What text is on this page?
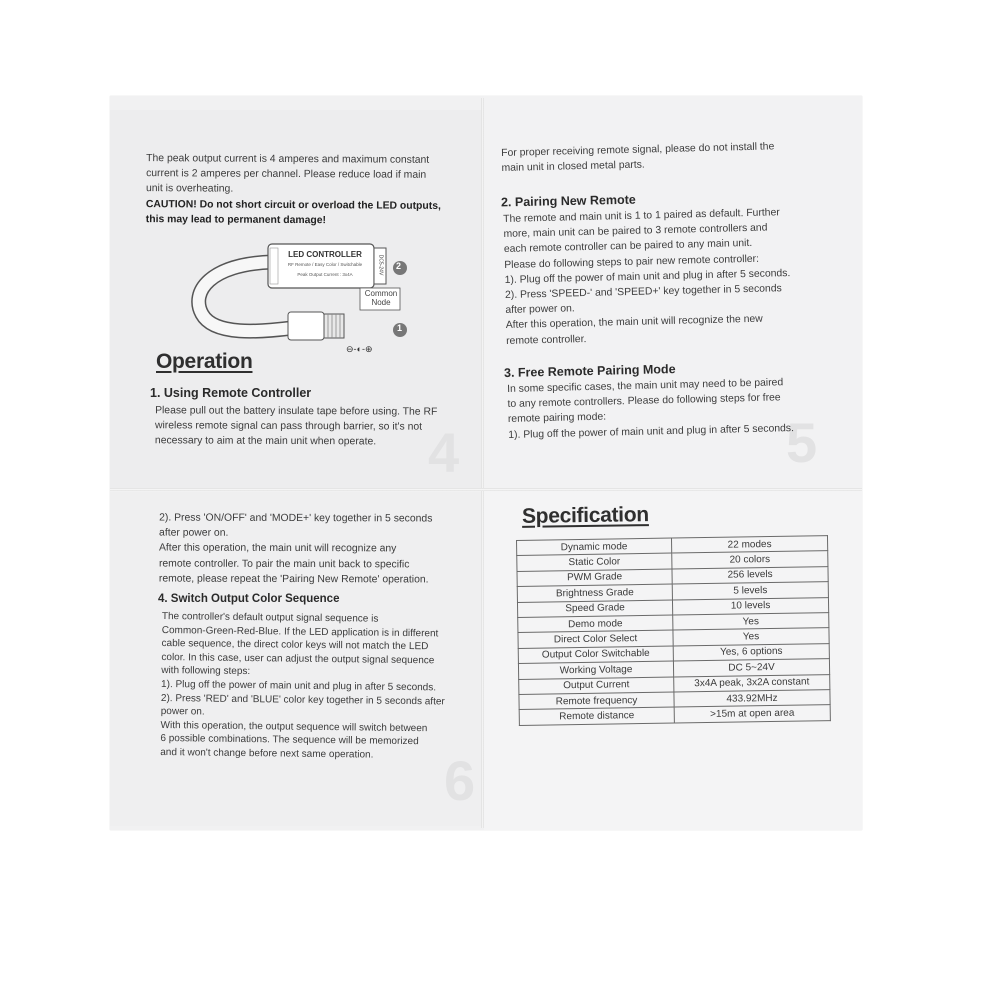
4	5
6

The peak output current is 4 amperes and maximum constant

current is 2 amperes per channel. Please reduce load if main

unit is overheating.

CAUTION! Do not short circuit or overload the LED outputs,

this may lead to permanent damage!

LED CONTROLLER
RF Remote / Easy Color / Switchable
Peak Output Current : 3x4A	DC5-24V
Common
Node
2
1
⊖-◐-⊕
Operation
1. Using Remote Controller

Please pull out the battery insulate tape before using. The RF

wireless remote signal can pass through barrier, so it's not

necessary to aim at the main unit when operate.

For proper receiving remote signal, please do not install the

main unit in closed metal parts.

2. Pairing New Remote

The remote and main unit is 1 to 1 paired as default. Further

more, main unit can be paired to 3 remote controllers and

each remote controller can be paired to any main unit.

Please do following steps to pair new remote controller:

1). Plug off the power of main unit and plug in after 5 seconds.

2). Press 'SPEED-' and 'SPEED+' key together in 5 seconds

after power on.

After this operation, the main unit will recognize the new

remote controller.

3. Free Remote Pairing Mode

In some specific cases, the main unit may need to be paired

to any remote controllers. Please do following steps for free

remote pairing mode:

1). Plug off the power of main unit and plug in after 5 seconds.

2). Press 'ON/OFF' and 'MODE+' key together in 5 seconds

after power on.

After this operation, the main unit will recognize any

remote controller. To pair the main unit back to specific

remote, please repeat the 'Pairing New Remote' operation.

4. Switch Output Color Sequence

The controller's default output signal sequence is

Common-Green-Red-Blue. If the LED application is in different

cable sequence, the direct color keys will not match the LED

color. In this case, user can adjust the output signal sequence

with following steps:

1). Plug off the power of main unit and plug in after 5 seconds.

2). Press 'RED' and 'BLUE' color key together in 5 seconds after

power on.

With this operation, the output sequence will switch between

6 possible combinations. The sequence will be memorized

and it won't change before next same operation.

Specification
Dynamic mode	22 modes
Static Color	20 colors
PWM Grade	256 levels
Brightness Grade	5 levels
Speed Grade	10 levels
Demo mode	Yes
Direct Color Select	Yes
Output Color Switchable	Yes, 6 options
Working Voltage	DC 5~24V
Output Current	3x4A peak, 3x2A constant
Remote frequency	433.92MHz
Remote distance	>15m at open area
